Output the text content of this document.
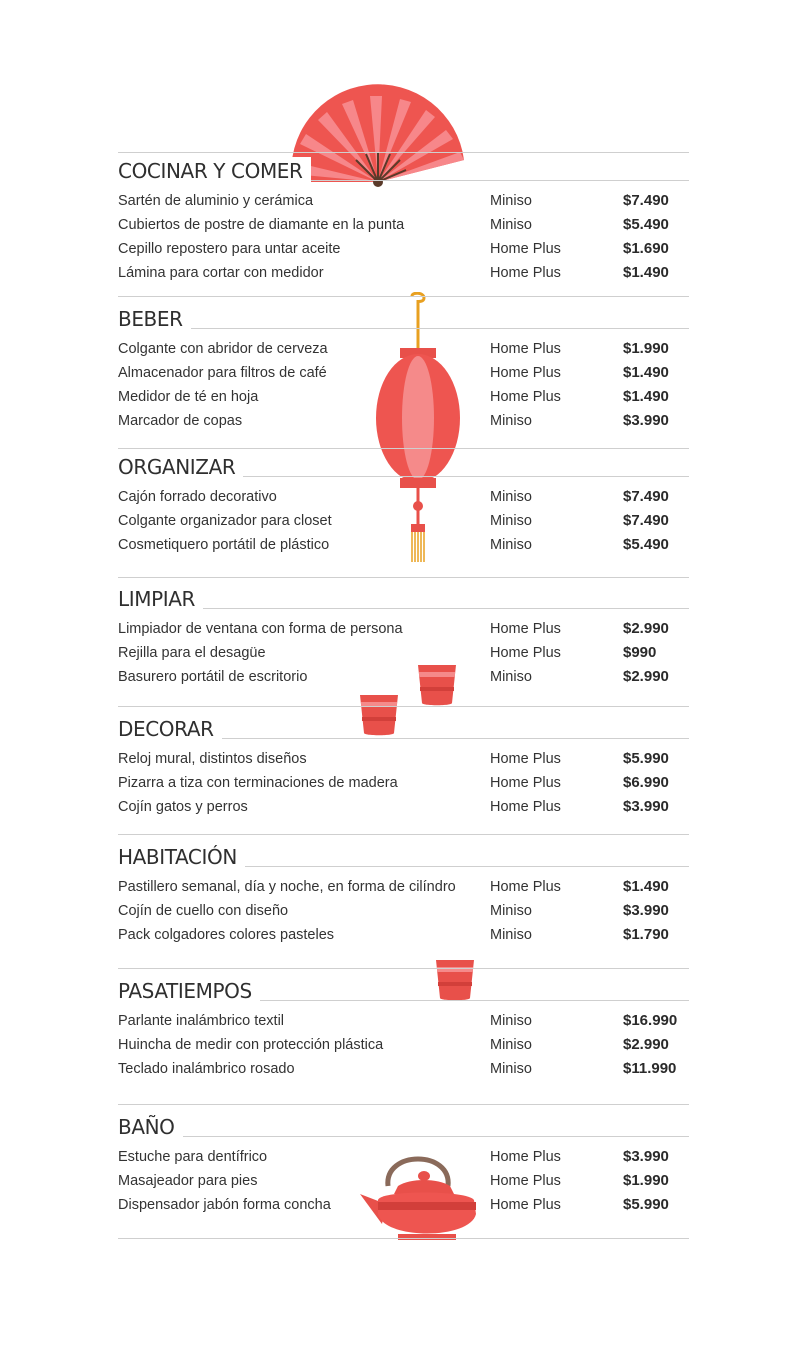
COCINAR Y COMER
Sartén de aluminio y cerámica	Miniso	$7.490
Cubiertos de postre de diamante en la punta	Miniso	$5.490
Cepillo repostero para untar aceite	Home Plus	$1.690
Lámina para cortar con medidor	Home Plus	$1.490
BEBER
Colgante con abridor de cerveza	Home Plus	$1.990
Almacenador para filtros de café	Home Plus	$1.490
Medidor de té en hoja	Home Plus	$1.490
Marcador de copas	Miniso	$3.990
ORGANIZAR
Cajón forrado decorativo	Miniso	$7.490
Colgante organizador para closet	Miniso	$7.490
Cosmetiquero portátil de plástico	Miniso	$5.490
LIMPIAR
Limpiador de ventana con forma de persona	Home Plus	$2.990
Rejilla para el desagüe	Home Plus	$990
Basurero portátil de escritorio	Miniso	$2.990
DECORAR
Reloj mural, distintos diseños	Home Plus	$5.990
Pizarra a tiza con terminaciones de madera	Home Plus	$6.990
Cojín gatos y perros	Home Plus	$3.990
HABITACIÓN
Pastillero semanal, día y noche, en forma de cilíndro Home Plus	$1.490
Cojín de cuello con diseño	Miniso	$3.990
Pack colgadores colores pasteles	Miniso	$1.790
PASATIEMPOS
Parlante inalámbrico textil	Miniso	$16.990
Huincha de medir con protección plástica	Miniso	$2.990
Teclado inalámbrico rosado	Miniso	$11.990
BAÑO
Estuche para dentífrico	Home Plus	$3.990
Masajeador para pies	Home Plus	$1.990
Dispensador jabón forma concha	Home Plus	$5.990
